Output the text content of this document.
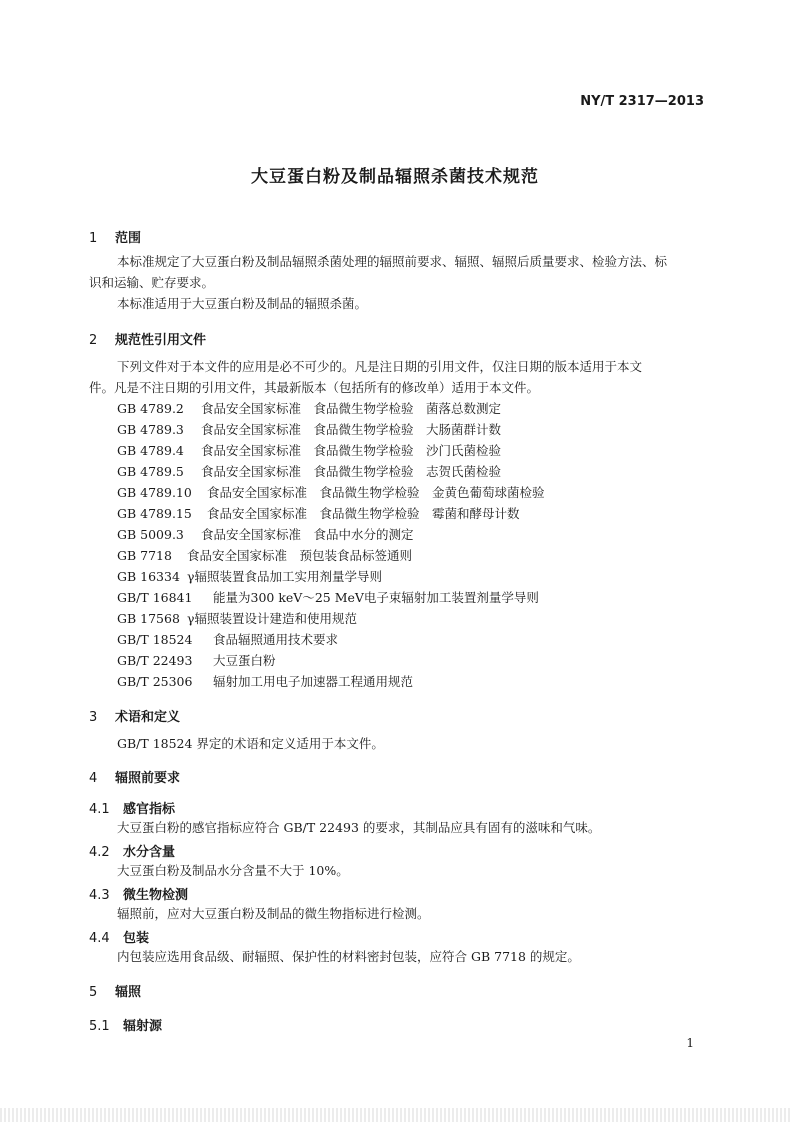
NY/T 2317—2013
大豆蛋白粉及制品辐照杀菌技术规范
1 范围
本标准规定了大豆蛋白粉及制品辐照杀菌处理的辐照前要求、辐照、辐照后质量要求、检验方法、标
识和运输、贮存要求。
本标准适用于大豆蛋白粉及制品的辐照杀菌。
2 规范性引用文件
下列文件对于本文件的应用是必不可少的。凡是注日期的引用文件，仅注日期的版本适用于本文
件。凡是不注日期的引用文件，其最新版本（包括所有的修改单）适用于本文件。
GB 4789.2 食品安全国家标准　食品微生物学检验　菌落总数测定
GB 4789.3 食品安全国家标准　食品微生物学检验　大肠菌群计数
GB 4789.4 食品安全国家标准　食品微生物学检验　沙门氏菌检验
GB 4789.5 食品安全国家标准　食品微生物学检验　志贺氏菌检验
GB 4789.10 食品安全国家标准　食品微生物学检验　金黄色葡萄球菌检验
GB 4789.15 食品安全国家标准　食品微生物学检验　霉菌和酵母计数
GB 5009.3 食品安全国家标准　食品中水分的测定
GB 7718 食品安全国家标准　预包装食品标签通则
GB 16334 γ辐照装置食品加工实用剂量学导则
GB/T 16841 能量为300 keV～25 MeV电子束辐射加工装置剂量学导则
GB 17568 γ辐照装置设计建造和使用规范
GB/T 18524 食品辐照通用技术要求
GB/T 22493 大豆蛋白粉
GB/T 25306 辐射加工用电子加速器工程通用规范
3 术语和定义
GB/T 18524 界定的术语和定义适用于本文件。
4 辐照前要求
4.1 感官指标
大豆蛋白粉的感官指标应符合 GB/T 22493 的要求，其制品应具有固有的滋味和气味。
4.2 水分含量
大豆蛋白粉及制品水分含量不大于 10%。
4.3 微生物检测
辐照前，应对大豆蛋白粉及制品的微生物指标进行检测。
4.4 包装
内包装应选用食品级、耐辐照、保护性的材料密封包装，应符合 GB 7718 的规定。
5 辐照
5.1 辐射源
1
